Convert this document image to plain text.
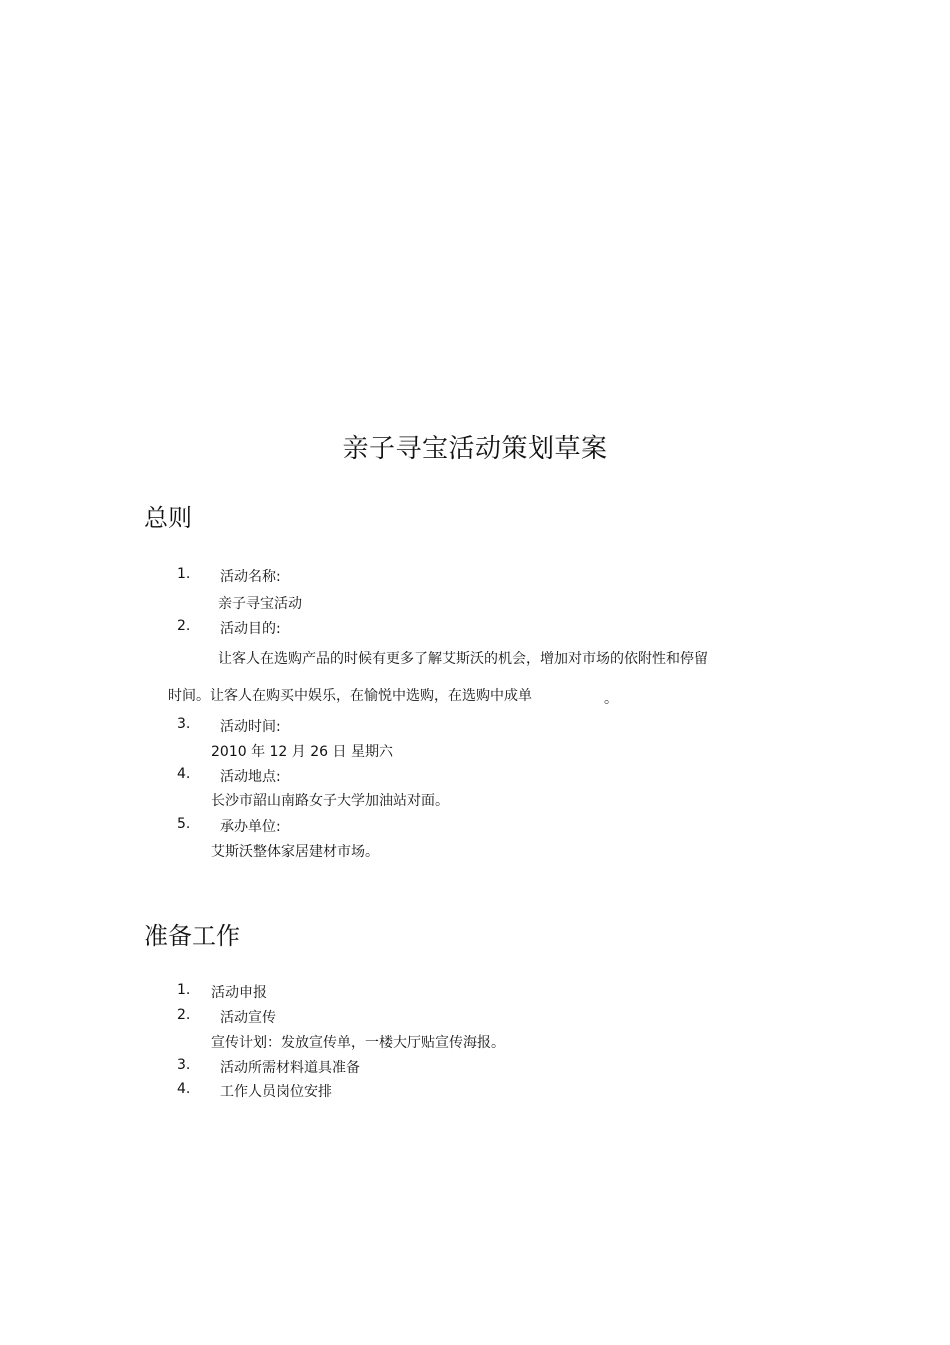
亲子寻宝活动策划草案
总则
1. 活动名称:
亲子寻宝活动
2. 活动目的:
让客人在选购产品的时候有更多了解艾斯沃的机会，增加对市场的依附性和停留
时间。让客人在购买中娱乐，在愉悦中选购，在选购中成单	。
3. 活动时间:
2010 年 12 月 26 日 星期六
4. 活动地点:
长沙市韶山南路女子大学加油站对面。
5. 承办单位:
艾斯沃整体家居建材市场。
准备工作
1. 活动申报
2. 活动宣传
宣传计划：发放宣传单，一楼大厅贴宣传海报。
3. 活动所需材料道具准备
4. 工作人员岗位安排
